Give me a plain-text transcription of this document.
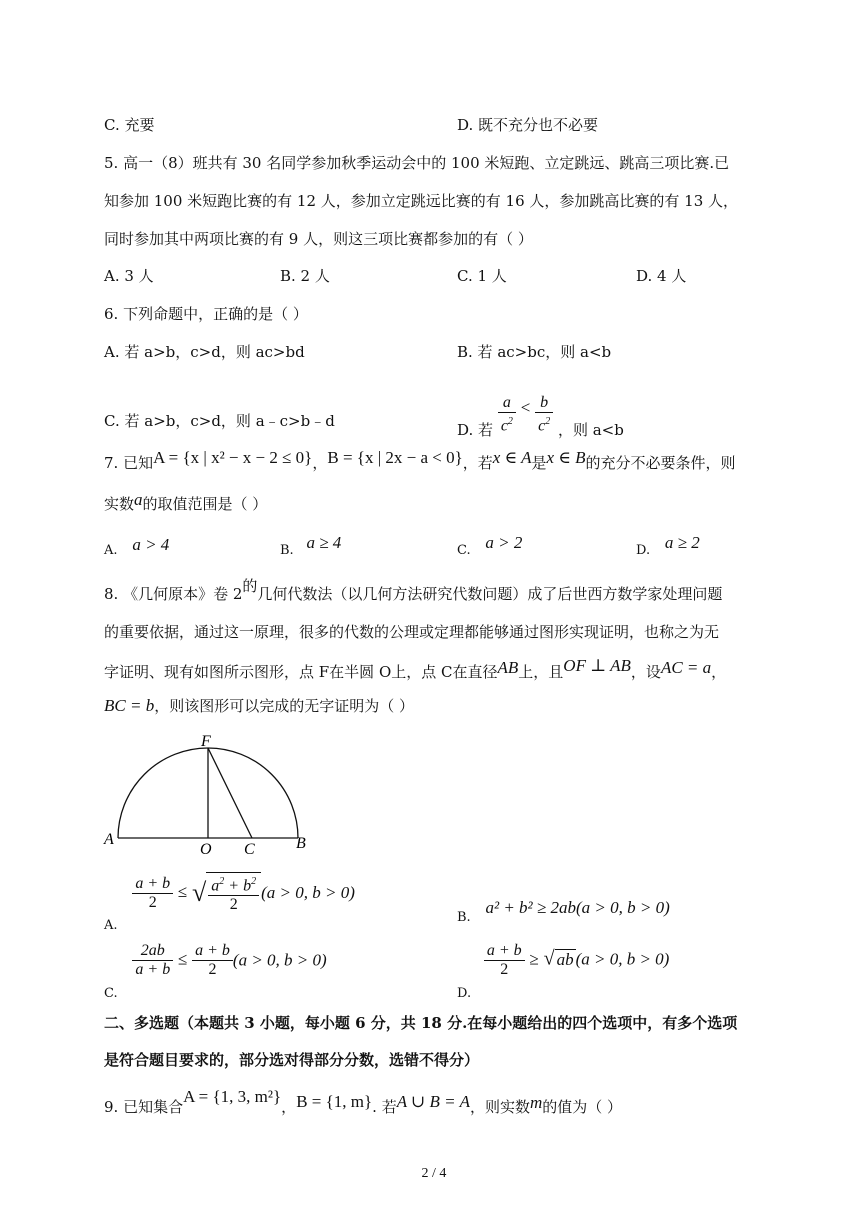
C. 充要	D. 既不充分也不必要
5. 高一（8）班共有 30 名同学参加秋季运动会中的 100 米短跑、立定跳远、跳高三项比赛.已
知参加 100 米短跑比赛的有 12 人，参加立定跳远比赛的有 16 人，参加跳高比赛的有 13 人，
同时参加其中两项比赛的有 9 人，则这三项比赛都参加的有（ ）
A. 3 人	B. 2 人	C. 1 人	D. 4 人
6. 下列命题中，正确的是（ ）
A. 若 a>b，c>d，则 ac>bd	B. 若 ac>bc，则 a<b
C. 若 a>b，c>d，则 a﹣c>b﹣d	D. 若 $\frac{a}{c^2} < \frac{b}{c^2}$ ，则 a<b
7. 已知A = {x | x² − x − 2 ≤ 0}，B = {x | 2x − a < 0}，若x ∈ A是x ∈ B的充分不必要条件，则
实数a的取值范围是（ ）
A. a > 4	B. a ≥ 4	C. a > 2	D. a ≥ 2
8. 《几何原本》卷 2的几何代数法（以几何方法研究代数问题）成了后世西方数学家处理问题
的重要依据，通过这一原理，很多的代数的公理或定理都能够通过图形实现证明，也称之为无
字证明、现有如图所示图形，点 F在半圆 O上，点 C在直径AB上，且OF ⊥ AB，设AC = a，
BC = b，则该图形可以完成的无字证明为（ ）
F
A
O C	B
A.
$\frac{a + b}{2}$ ≤ √ $\frac{a^2 + b^2}{2} (a > 0$, b > 0)
B. a² + b² ≥ 2ab(a > 0, b > 0)
C.
$\frac{2ab}{a + b} \le \frac{a + b}{2} (a > 0$, b > 0)
D.
$\frac{a + b}{2}$ ≥ √ ab (a > 0, b > 0)
二、多选题（本题共 3 小题，每小题 6 分，共 18 分.在每小题给出的四个选项中，有多个选项
是符合题目要求的，部分选对得部分分数，选错不得分）
9. 已知集合A = {1, 3, m²}，B = {1, m}. 若A ∪ B = A，则实数m的值为（ ）
2 / 4
